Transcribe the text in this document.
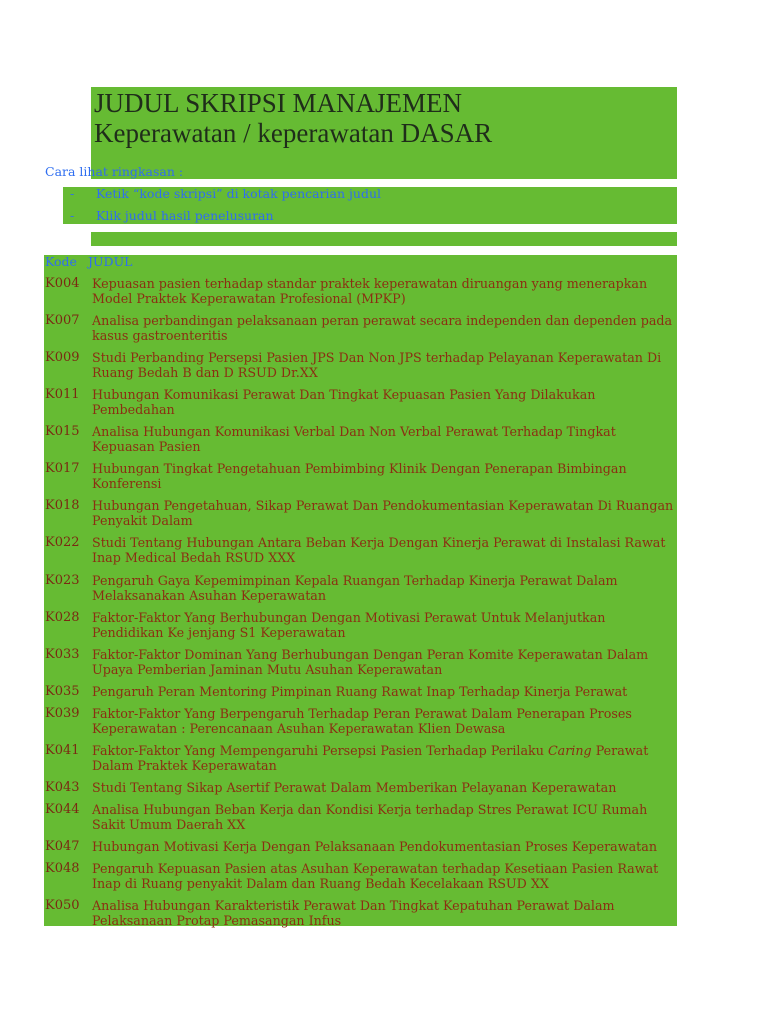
JUDUL SKRIPSI MANAJEMEN
Keperawatan / keperawatan DASAR
Cara lihat ringkasan :
- Ketik “kode skripsi” di kotak pencarian judul
- Klik judul hasil penelusuran
Kode JUDUL
K004 Kepuasan pasien terhadap standar praktek keperawatan diruangan yang menerapkan Model Praktek Keperawatan Profesional (MPKP)
K007 Analisa perbandingan pelaksanaan peran perawat secara independen dan dependen pada kasus gastroenteritis
K009 Studi Perbanding Persepsi Pasien JPS Dan Non JPS terhadap Pelayanan Keperawatan Di Ruang Bedah B dan D RSUD Dr.XX
K011 Hubungan Komunikasi Perawat Dan Tingkat Kepuasan Pasien Yang Dilakukan Pembedahan
K015 Analisa Hubungan Komunikasi Verbal Dan Non Verbal Perawat Terhadap Tingkat Kepuasan Pasien
K017 Hubungan Tingkat Pengetahuan Pembimbing Klinik Dengan Penerapan Bimbingan Konferensi
K018 Hubungan Pengetahuan, Sikap Perawat Dan Pendokumentasian Keperawatan Di Ruangan Penyakit Dalam
K022 Studi Tentang Hubungan Antara Beban Kerja Dengan Kinerja Perawat di Instalasi Rawat Inap Medical Bedah RSUD XXX
K023 Pengaruh Gaya Kepemimpinan Kepala Ruangan Terhadap Kinerja Perawat Dalam Melaksanakan Asuhan Keperawatan
K028 Faktor-Faktor Yang Berhubungan Dengan Motivasi Perawat Untuk Melanjutkan Pendidikan Ke jenjang S1 Keperawatan
K033 Faktor-Faktor Dominan Yang Berhubungan Dengan Peran Komite Keperawatan Dalam Upaya Pemberian Jaminan Mutu Asuhan Keperawatan
K035 Pengaruh Peran Mentoring Pimpinan Ruang Rawat Inap Terhadap Kinerja Perawat
K039 Faktor-Faktor Yang Berpengaruh Terhadap Peran Perawat Dalam Penerapan Proses Keperawatan : Perencanaan Asuhan Keperawatan Klien Dewasa
K041 Faktor-Faktor Yang Mempengaruhi Persepsi Pasien Terhadap Perilaku Caring Perawat Dalam Praktek Keperawatan
K043 Studi Tentang Sikap Asertif Perawat Dalam Memberikan Pelayanan Keperawatan
K044 Analisa Hubungan Beban Kerja dan Kondisi Kerja terhadap Stres Perawat ICU Rumah Sakit Umum Daerah XX
K047 Hubungan Motivasi Kerja Dengan Pelaksanaan Pendokumentasian Proses Keperawatan
K048 Pengaruh Kepuasan Pasien atas Asuhan Keperawatan terhadap Kesetiaan Pasien Rawat Inap di Ruang penyakit Dalam dan Ruang Bedah Kecelakaan RSUD XX
K050 Analisa Hubungan Karakteristik Perawat Dan Tingkat Kepatuhan Perawat Dalam Pelaksanaan Protap Pemasangan Infus
